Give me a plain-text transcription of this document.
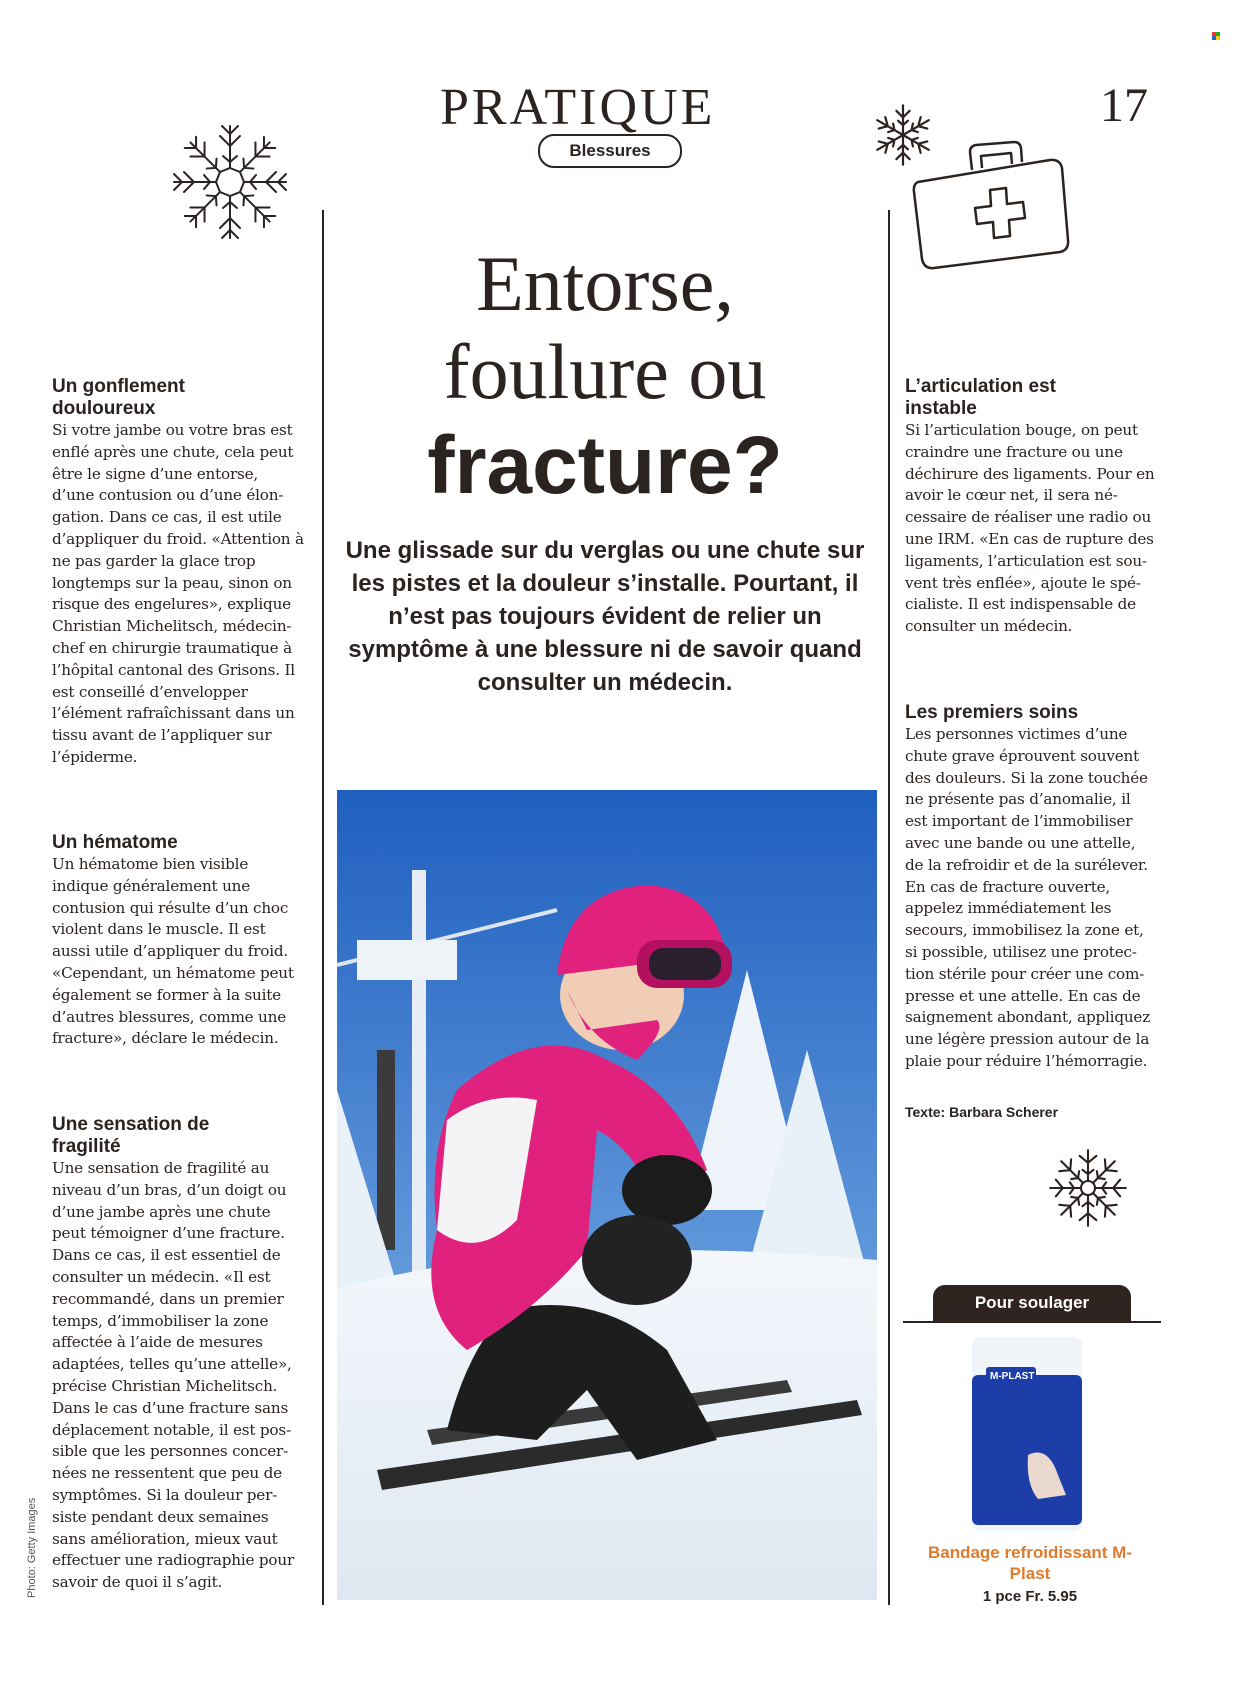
PRATIQUE
Blessures
17
Entorse,
foulure ou
fracture?
Une glissade sur du verglas ou une chute sur les pistes et la douleur s’installe. Pourtant, il n’est pas toujours évident de relier un symptôme à une blessure ni de savoir quand consulter un médecin.
Un gonflement douloureux

Si votre jambe ou votre bras est enflé après une chute, cela peut être le signe d’une entorse, d’une contusion ou d’une élongation. Dans ce cas, il est utile d’appliquer du froid. «Attention à ne pas garder la glace trop longtemps sur la peau, sinon on risque des engelures», explique Christian Michelitsch, médecin-chef en chirurgie traumatique à l’hôpital cantonal des Grisons. Il est conseillé d’envelopper l’élément rafraîchissant dans un tissu avant de l’appliquer sur l’épiderme.

Un hématome

Un hématome bien visible indique généralement une contusion qui résulte d’un choc violent dans le muscle. Il est aussi utile d’appliquer du froid. «Cependant, un hématome peut également se former à la suite d’autres blessures, comme une fracture», déclare le médecin.

Une sensation de fragilité

Une sensation de fragilité au niveau d’un bras, d’un doigt ou d’une jambe après une chute peut témoigner d’une fracture. Dans ce cas, il est essentiel de consulter un médecin. «Il est recommandé, dans un premier temps, d’immobiliser la zone affectée à l’aide de mesures adaptées, telles qu’une attelle», précise Christian Michelitsch. Dans le cas d’une fracture sans déplacement notable, il est possible que les personnes concernées ne ressentent que peu de symptômes. Si la douleur persiste pendant deux semaines sans amélioration, mieux vaut effectuer une radiographie pour savoir de quoi il s’agit.

L’articulation est instable

Si l’articulation bouge, on peut craindre une fracture ou une déchirure des ligaments. Pour en avoir le cœur net, il sera nécessaire de réaliser une radio ou une IRM. «En cas de rupture des ligaments, l’articulation est souvent très enflée», ajoute le spécialiste. Il est indispensable de consulter un médecin.

Les premiers soins

Les personnes victimes d’une chute grave éprouvent souvent des douleurs. Si la zone touchée ne présente pas d’anomalie, il est important de l’immobiliser avec une bande ou une attelle, de la refroidir et de la surélever. En cas de fracture ouverte, appelez immédiatement les secours, immobilisez la zone et, si possible, utilisez une protection stérile pour créer une compresse et une attelle. En cas de saignement abondant, appliquez une légère pression autour de la plaie pour réduire l’hémorragie.

Texte: Barbara Scherer
Photo: Getty Images
Pour soulager
M-PLAST
Bandage refroidissant M-Plast
1 pce Fr. 5.95
